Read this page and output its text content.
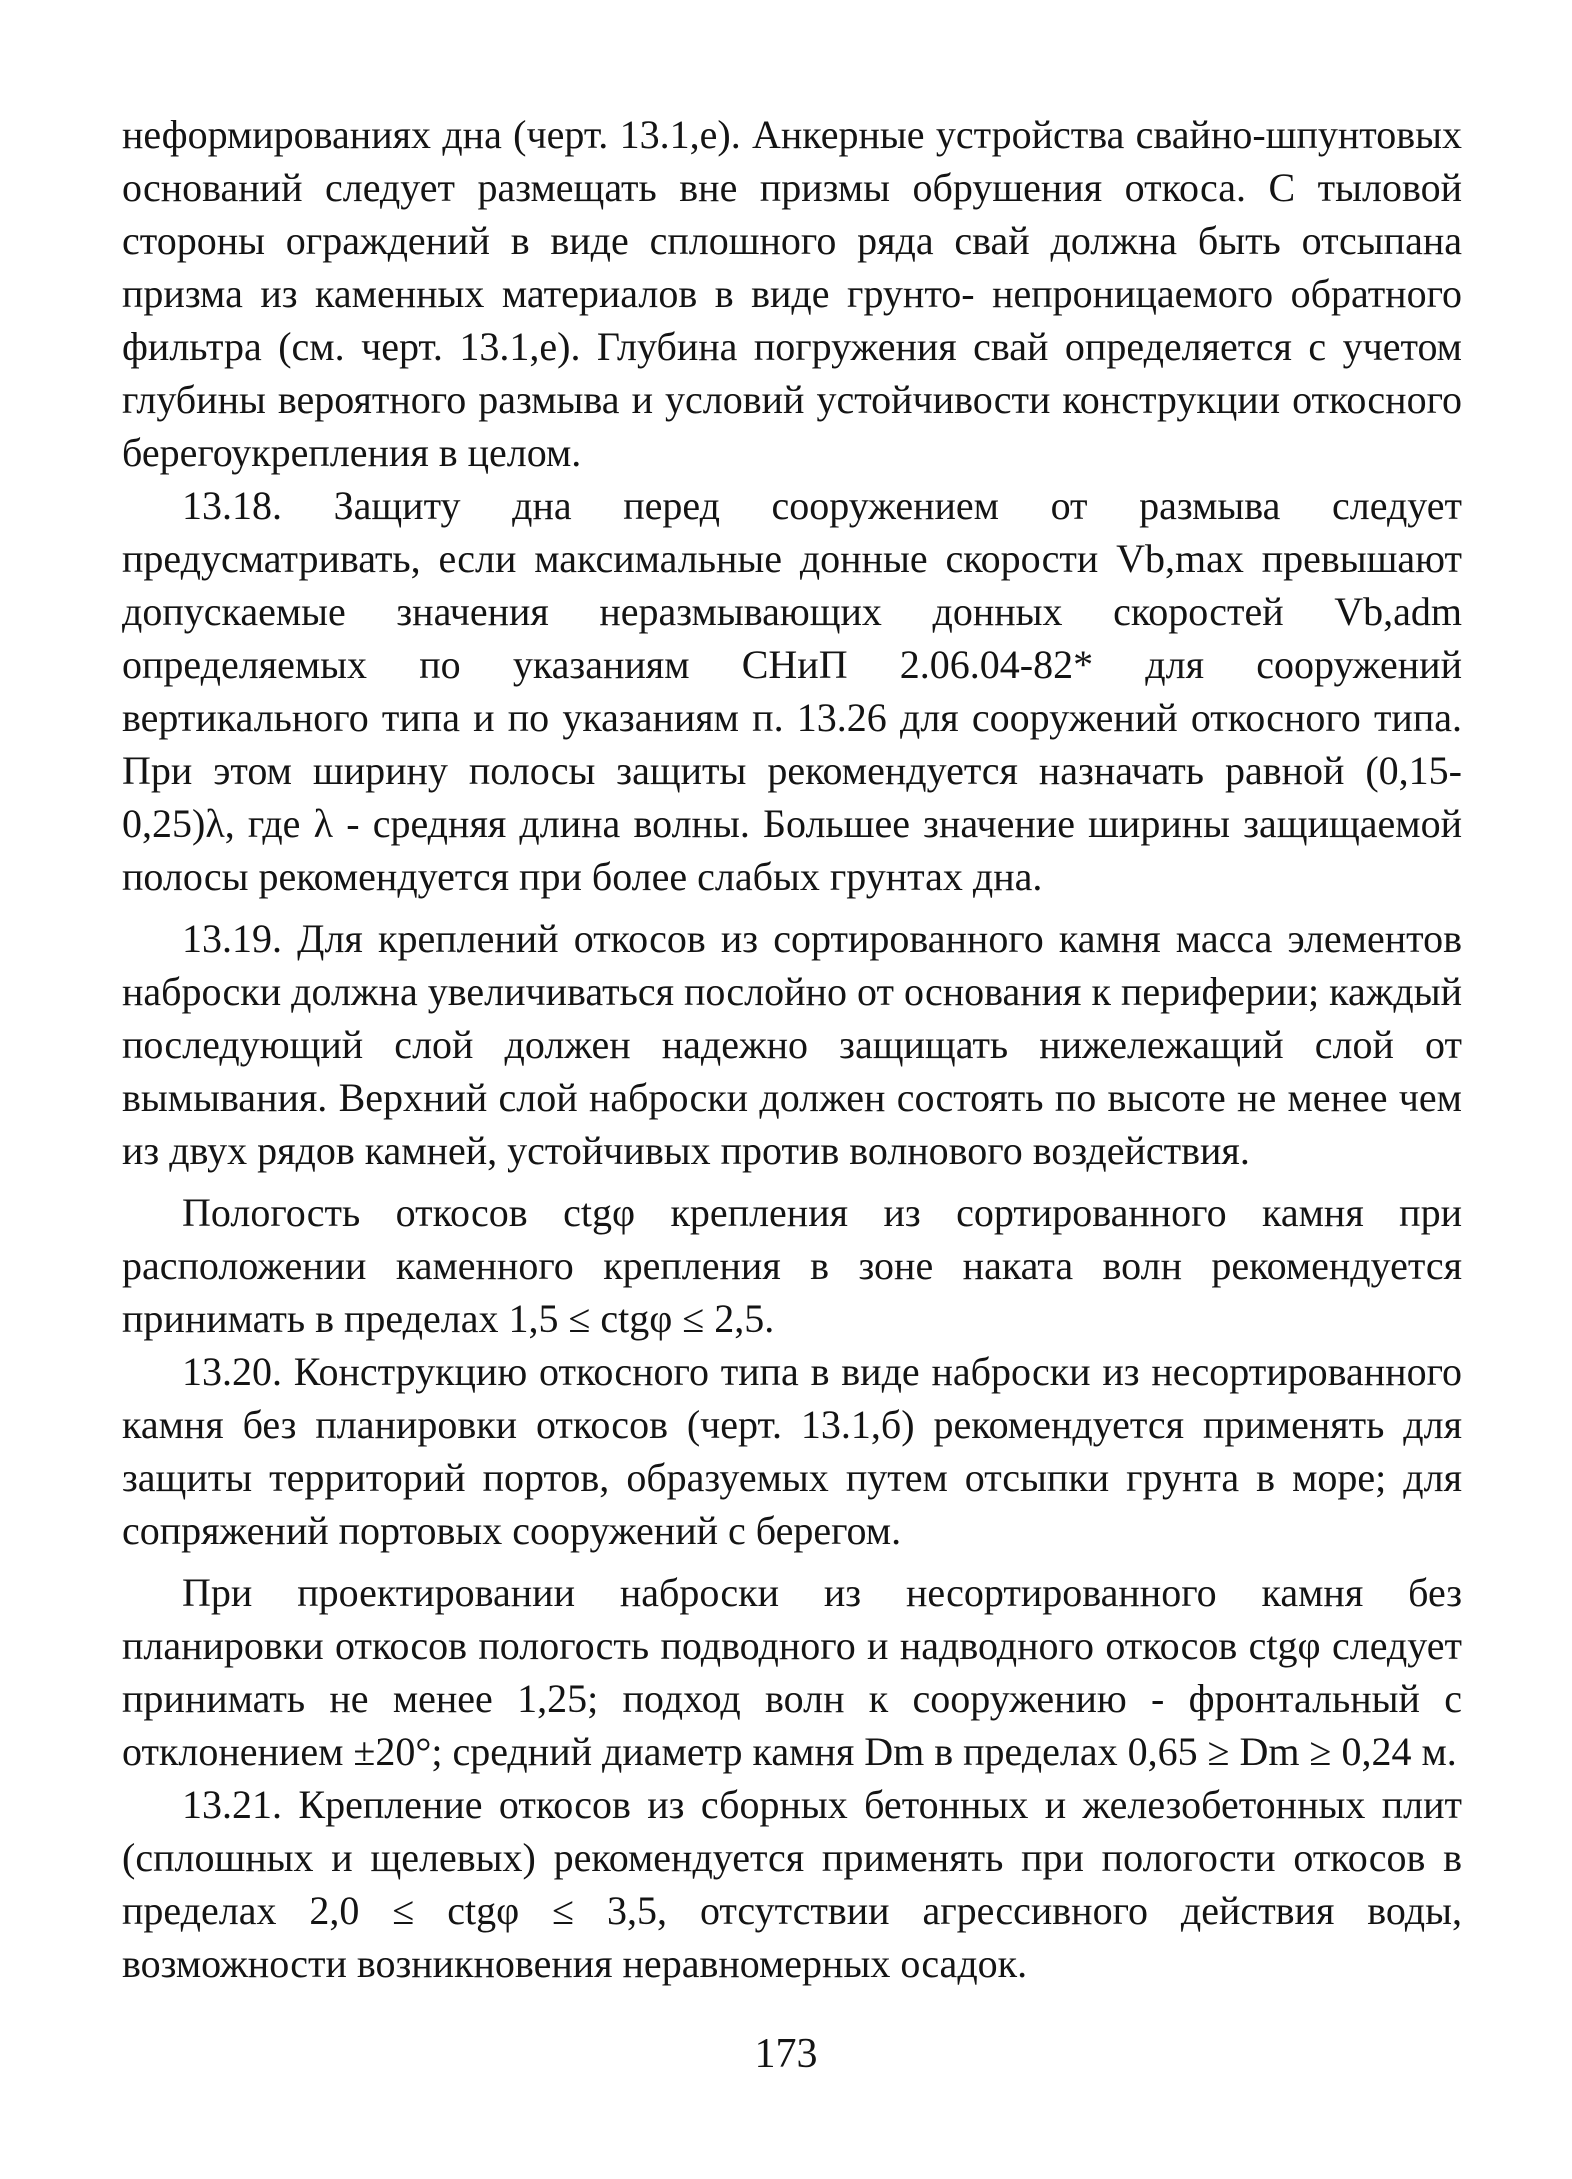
неформированиях дна (черт. 13.1,е). Анкерные устройства свайно-шпунтовых оснований следует размещать вне призмы обрушения откоса. С тыловой стороны ограждений в виде сплошного ряда свай должна быть отсыпана призма из каменных материалов в виде грунто- непроницаемого обратного фильтра (см. черт. 13.1,е). Глубина погружения свай определяется с учетом глубины вероятного размыва и условий устойчивости конструкции откосного берегоукрепления в целом.

13.18. Защиту дна перед сооружением от размыва следует предусматривать, если максимальные донные скорости Vb,max превышают допускаемые значения неразмывающих донных скоростей Vb,adm определяемых по указаниям СНиП 2.06.04-82* для сооружений вертикального типа и по указаниям п. 13.26 для сооружений откосного типа. При этом ширину полосы защиты рекомендуется назначать равной (0,15-0,25)λ, где λ - средняя длина волны. Большее значение ширины защищаемой полосы рекомендуется при более слабых грунтах дна.

13.19. Для креплений откосов из сортированного камня масса элементов наброски должна увеличиваться послойно от основания к периферии; каждый последующий слой должен надежно защищать нижележащий слой от вымывания. Верхний слой наброски должен состоять по высоте не менее чем из двух рядов камней, устойчивых против волнового воздействия.

Пологость откосов ctgφ крепления из сортированного камня при расположении каменного крепления в зоне наката волн рекомендуется принимать в пределах 1,5 ≤ ctgφ ≤ 2,5.

13.20. Конструкцию откосного типа в виде наброски из несортированного камня без планировки откосов (черт. 13.1,б) рекомендуется применять для защиты территорий портов, образуемых путем отсыпки грунта в море; для сопряжений портовых сооружений с берегом.

При проектировании наброски из несортированного камня без планировки откосов пологость подводного и надводного откосов ctgφ следует принимать не менее 1,25; подход волн к сооружению - фронтальный с отклонением ±20°; средний диаметр камня Dm в пределах 0,65 ≥ Dm ≥ 0,24 м.

13.21. Крепление откосов из сборных бетонных и железобетонных плит (сплошных и щелевых) рекомендуется применять при пологости откосов в пределах 2,0 ≤ ctgφ ≤ 3,5, отсутствии агрессивного действия воды, возможности возникновения неравномерных осадок.

173
